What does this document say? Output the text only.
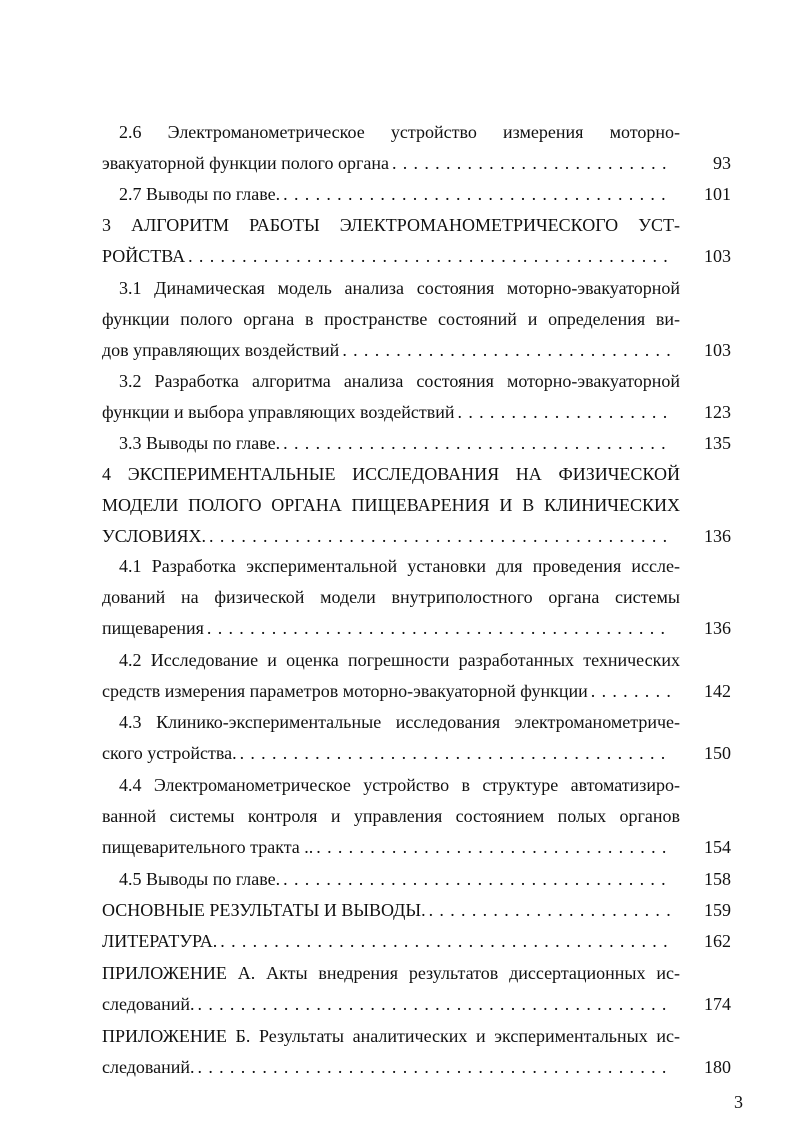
2.6 Электроманометрическое устройство измерения моторно-
93
эвакуаторной функции полого органа
. . .
101
2.7 Выводы по главе.
. . .
3 АЛГОРИТМ РАБОТЫ ЭЛЕКТРОМАНОМЕТРИЧЕСКОГО УСТ-
103
РОЙСТВА
. . .
3.1 Динамическая модель анализа состояния моторно-эвакуаторной
функции полого органа в пространстве состояний и определения ви-
103
дов управляющих воздействий
. . .
3.2 Разработка алгоритма анализа состояния моторно-эвакуаторной
123
функции и выбора управляющих воздействий
. . .
135
3.3 Выводы по главе.
. . .
4 ЭКСПЕРИМЕНТАЛЬНЫЕ ИССЛЕДОВАНИЯ НА ФИЗИЧЕСКОЙ
МОДЕЛИ ПОЛОГО ОРГАНА ПИЩЕВАРЕНИЯ И В КЛИНИЧЕСКИХ
136
УСЛОВИЯХ.
. . .
4.1 Разработка экспериментальной установки для проведения иссле-
дований на физической модели внутриполостного органа системы
136
пищеварения
. . .
4.2 Исследование и оценка погрешности разработанных технических
142
средств измерения параметров моторно-эвакуаторной функции
. . .
4.3 Клинико-экспериментальные исследования электроманометриче-
150
ского устройства.
. . .
4.4 Электроманометрическое устройство в структуре автоматизиро-
ванной системы контроля и управления состоянием полых органов
154
пищеварительного тракта ..
. . .
158
4.5 Выводы по главе.
. . .
159
ОСНОВНЫЕ РЕЗУЛЬТАТЫ И ВЫВОДЫ.
. . .
162
ЛИТЕРАТУРА.
. . .
ПРИЛОЖЕНИЕ А. Акты внедрения результатов диссертационных ис-
174
следований.
. . .
ПРИЛОЖЕНИЕ Б. Результаты аналитических и экспериментальных ис-
180
следований.
. . .
3
